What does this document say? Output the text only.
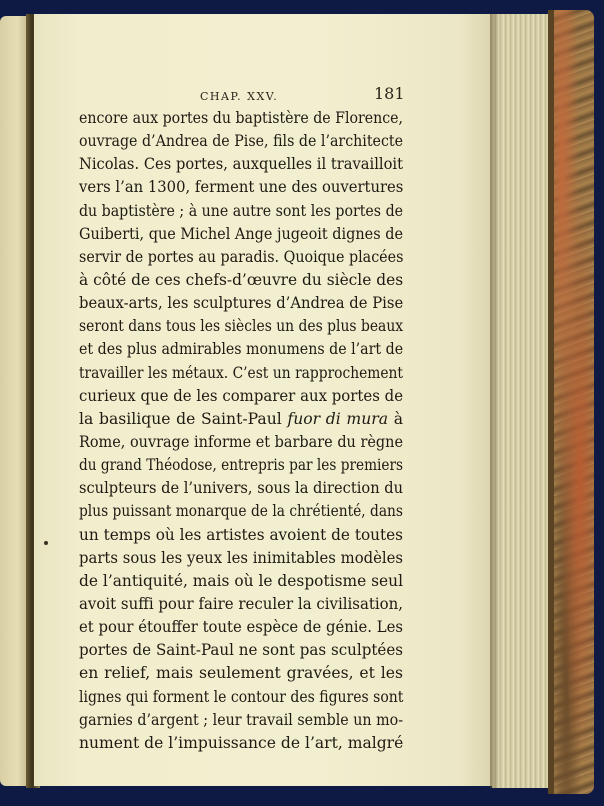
CHAP. XXV.	181
encore aux portes du baptistère de Florence,
ouvrage d’Andrea de Pise, fils de l’architecte
Nicolas. Ces portes, auxquelles il travailloit
vers l’an 1300, ferment une des ouvertures
du baptistère ; à une autre sont les portes de
Guiberti, que Michel Ange jugeoit dignes de
servir de portes au paradis. Quoique placées
à côté de ces chefs-d’œuvre du siècle des
beaux-arts, les sculptures d’Andrea de Pise
seront dans tous les siècles un des plus beaux
et des plus admirables monumens de l’art de
travailler les métaux. C’est un rapprochement
curieux que de les comparer aux portes de
la basilique de Saint-Paul fuor di mura à
Rome, ouvrage informe et barbare du règne
du grand Théodose, entrepris par les premiers
sculpteurs de l’univers, sous la direction du
plus puissant monarque de la chrétienté, dans
un temps où les artistes avoient de toutes
parts sous les yeux les inimitables modèles
de l’antiquité, mais où le despotisme seul
avoit suffi pour faire reculer la civilisation,
et pour étouffer toute espèce de génie. Les
portes de Saint-Paul ne sont pas sculptées
en relief, mais seulement gravées, et les
lignes qui forment le contour des figures sont
garnies d’argent ; leur travail semble un mo-
nument de l’impuissance de l’art, malgré
